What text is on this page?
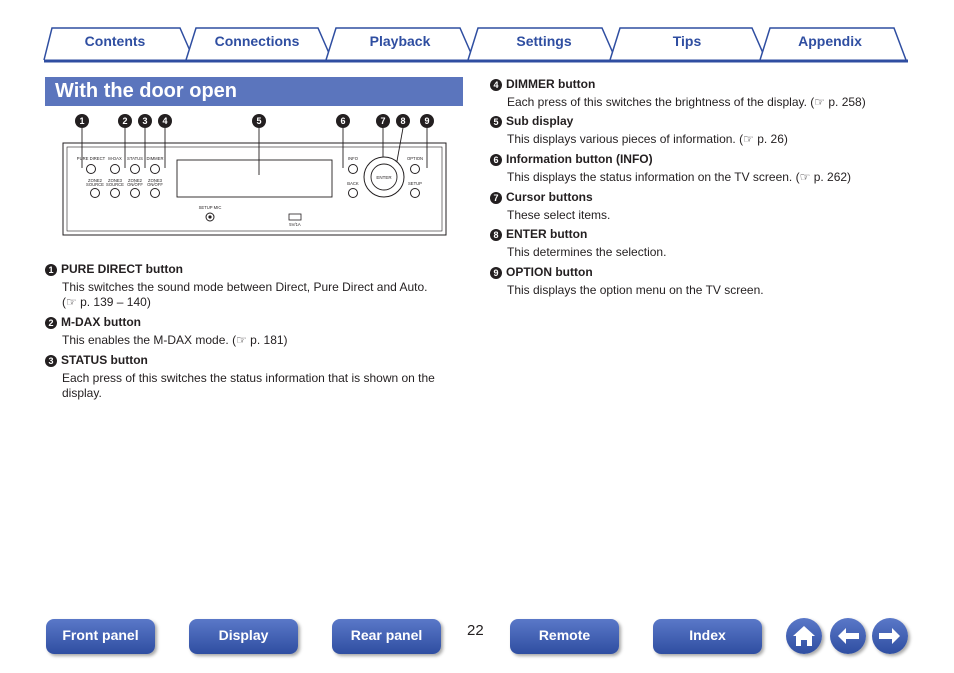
Contents	Connections	Playback	Settings	Tips	Appendix
With the door open
1	2 3 4	5	6	7 8 9
PURE DIRECT M-DAX STATUS DIMMER	INFO	OPTION
BACK	SETUP
SETUP MIC
5V/1A
ZONE2 ZONE3 ZONE2 ZONE3
SOURCE SOURCE ON/OFF ON/OFF
ENTER
1 PURE DIRECT button
This switches the sound mode between Direct, Pure Direct and Auto.
(☞ p. 139 – 140)
2 M-DAX button
This enables the M-DAX mode. (☞ p. 181)
3 STATUS button
Each press of this switches the status information that is shown on the display.
4 DIMMER button
Each press of this switches the brightness of the display. (☞ p. 258)
5 Sub display
This displays various pieces of information. (☞ p. 26)
6 Information button (INFO)
This displays the status information on the TV screen. (☞ p. 262)
7 Cursor buttons
These select items.
8 ENTER button
This determines the selection.
9 OPTION button
This displays the option menu on the TV screen.
Front panel	Display	Rear panel	22	Remote	Index
